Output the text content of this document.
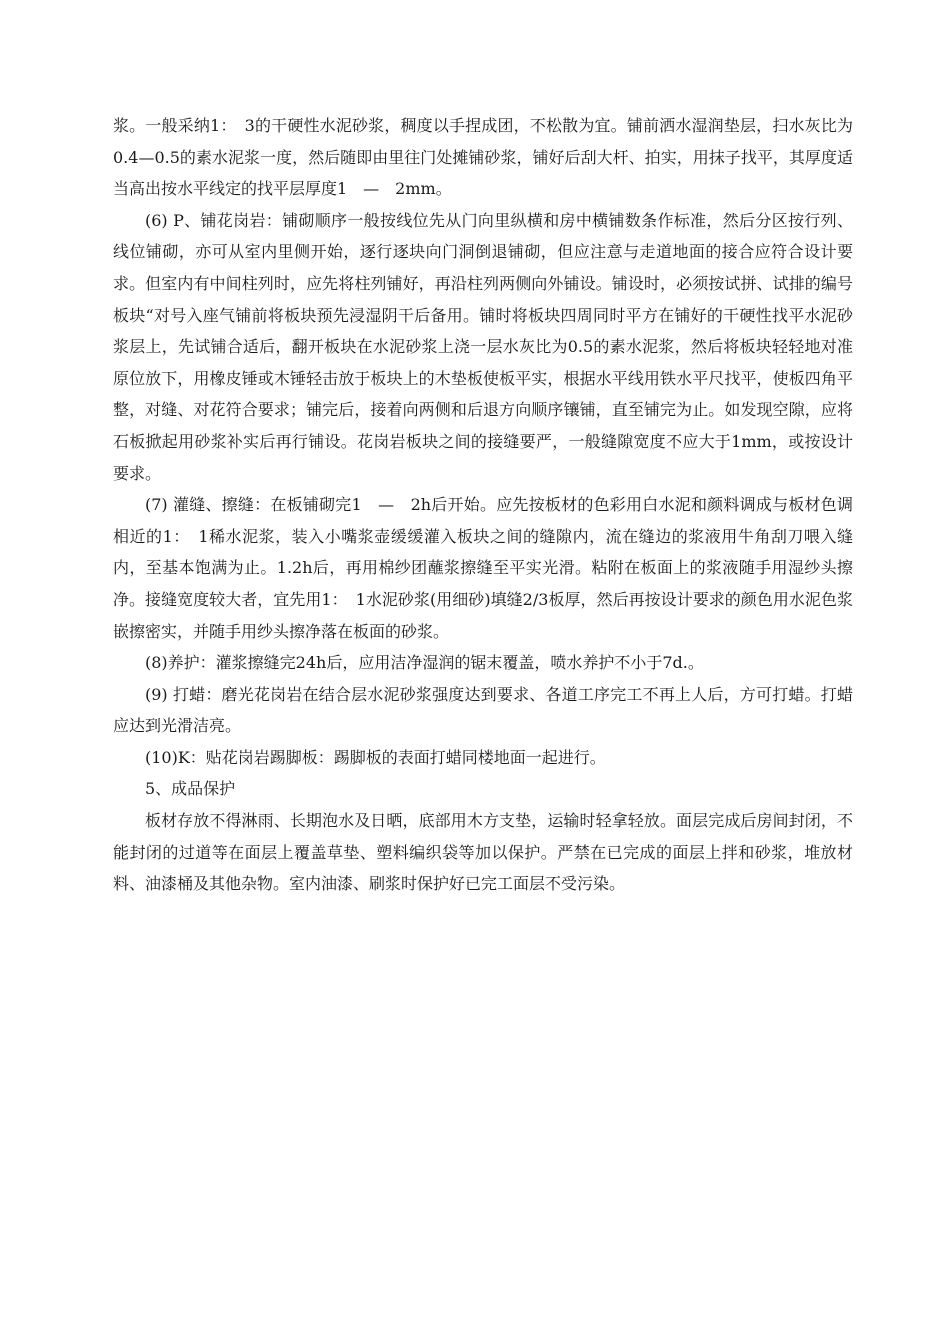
浆。一般采纳1：　3的干硬性水泥砂浆，稠度以手捏成团，不松散为宜。铺前洒水湿润垫层，扫水灰比为0.4—0.5的素水泥浆一度，然后随即由里往门处摊铺砂浆，铺好后刮大杆、拍实，用抹子找平，其厚度适当高出按水平线定的找平层厚度1　—　2mm。

(6) P、铺花岗岩：铺砌顺序一般按线位先从门向里纵横和房中横铺数条作标准，然后分区按行列、线位铺砌，亦可从室内里侧开始，逐行逐块向门洞倒退铺砌，但应注意与走道地面的接合应符合设计要求。但室内有中间柱列时，应先将柱列铺好，再沿柱列两侧向外铺设。铺设时，必须按试拼、试排的编号板块“对号入座气铺前将板块预先浸湿阴干后备用。铺时将板块四周同时平方在铺好的干硬性找平水泥砂浆层上，先试铺合适后，翻开板块在水泥砂浆上浇一层水灰比为0.5的素水泥浆，然后将板块轻轻地对准原位放下，用橡皮锤或木锤轻击放于板块上的木垫板使板平实，根据水平线用铁水平尺找平，使板四角平整，对缝、对花符合要求；铺完后，接着向两侧和后退方向顺序镶铺，直至铺完为止。如发现空隙，应将石板掀起用砂浆补实后再行铺设。花岗岩板块之间的接缝要严，一般缝隙宽度不应大于1mm，或按设计要求。

(7) 灌缝、擦缝：在板铺砌完1　—　2h后开始。应先按板材的色彩用白水泥和颜料调成与板材色调相近的1：　1稀水泥浆，装入小嘴浆壶缓缓灌入板块之间的缝隙内，流在缝边的浆液用牛角刮刀喂入缝内，至基本饱满为止。1.2h后，再用棉纱团蘸浆擦缝至平实光滑。粘附在板面上的浆液随手用湿纱头擦净。接缝宽度较大者，宜先用1：　1水泥砂浆(用细砂)填缝2/3板厚，然后再按设计要求的颜色用水泥色浆嵌擦密实，并随手用纱头擦净落在板面的砂浆。

(8)养护：灌浆擦缝完24h后，应用洁净湿润的锯末覆盖，喷水养护不小于7d.。

(9) 打蜡：磨光花岗岩在结合层水泥砂浆强度达到要求、各道工序完工不再上人后，方可打蜡。打蜡应达到光滑洁亮。

(10)K：贴花岗岩踢脚板：踢脚板的表面打蜡同楼地面一起进行。

5、成品保护

板材存放不得淋雨、长期泡水及日晒，底部用木方支垫，运输时轻拿轻放。面层完成后房间封闭，不能封闭的过道等在面层上覆盖草垫、塑料编织袋等加以保护。严禁在已完成的面层上拌和砂浆，堆放材料、油漆桶及其他杂物。室内油漆、刷浆时保护好已完工面层不受污染。
